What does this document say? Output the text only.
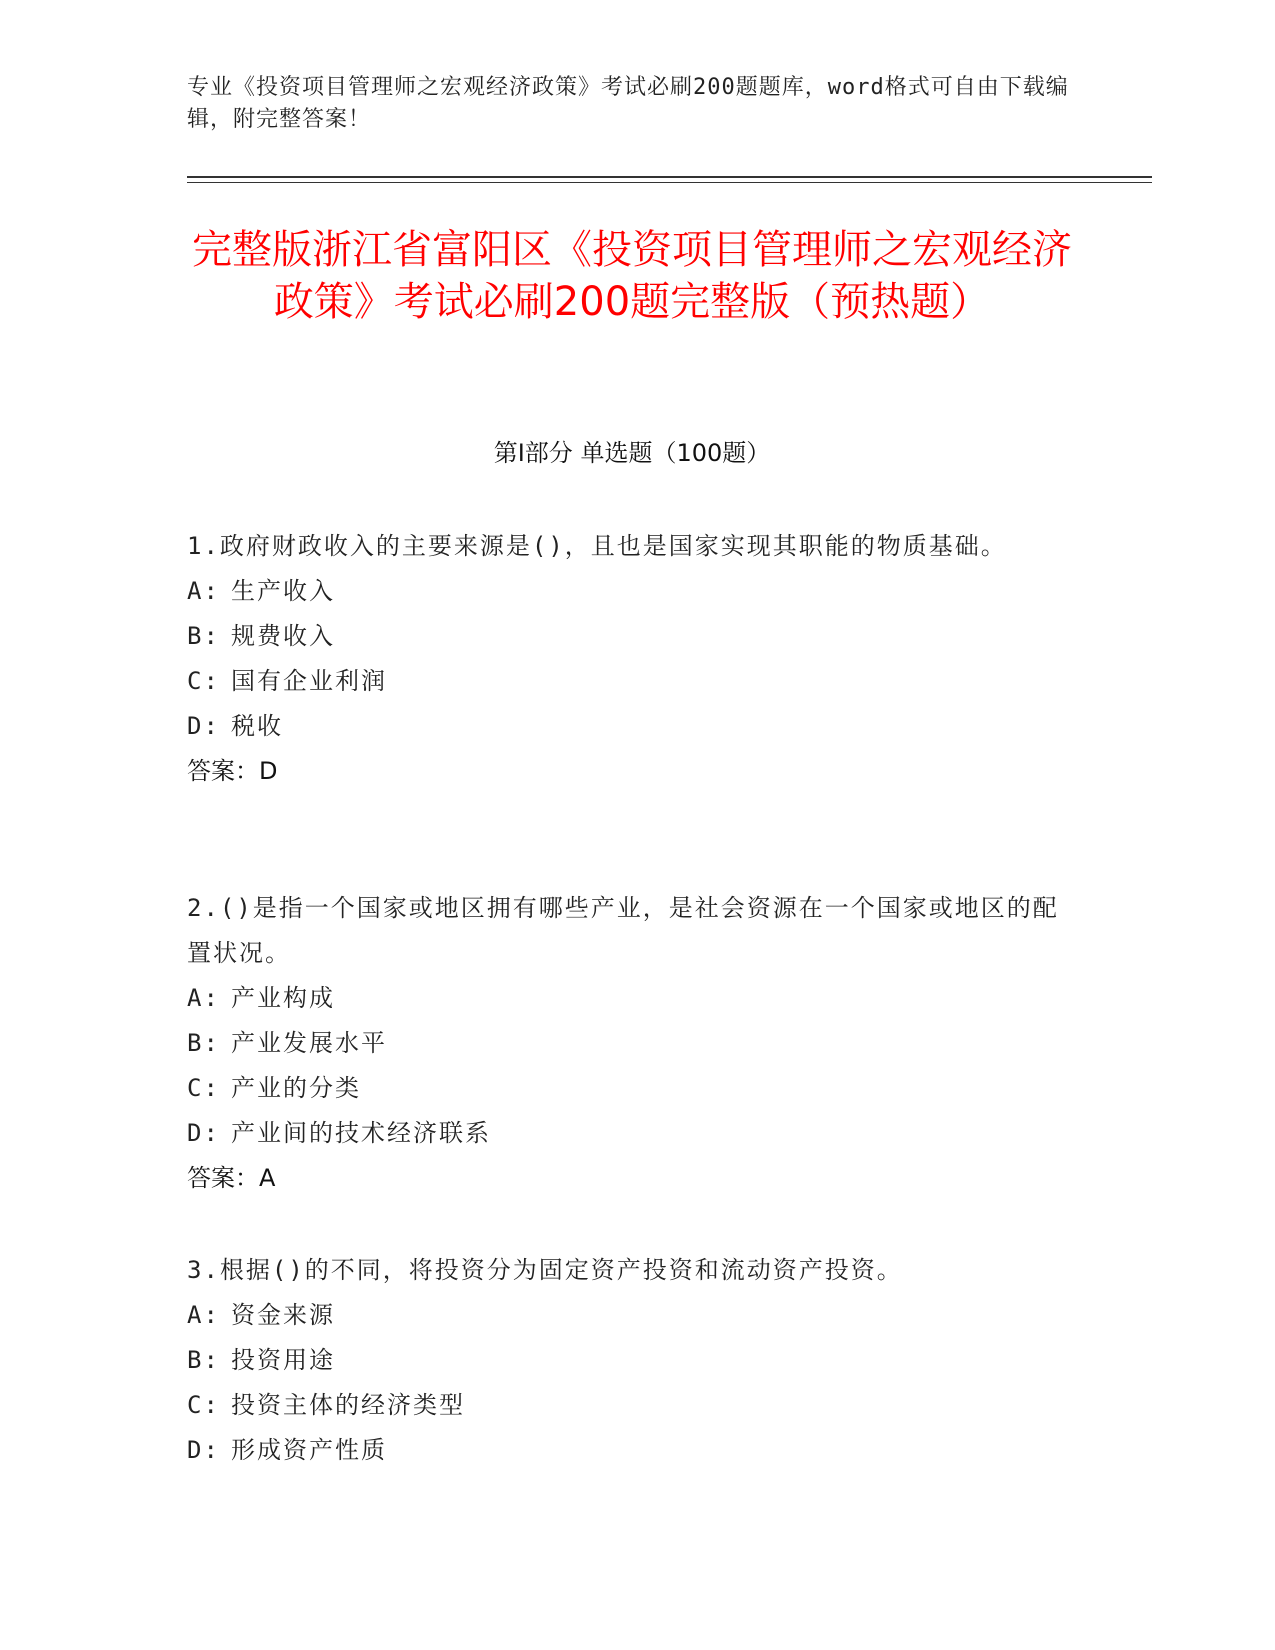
专业《投资项目管理师之宏观经济政策》考试必刷200题题库，word格式可自由下载编辑，附完整答案！
完整版浙江省富阳区《投资项目管理师之宏观经济政策》考试必刷200题完整版（预热题）
第Ⅰ部分 单选题（100题）
1.政府财政收入的主要来源是()，且也是国家实现其职能的物质基础。
A: 生产收入
B: 规费收入
C: 国有企业利润
D: 税收
答案：D
2.()是指一个国家或地区拥有哪些产业，是社会资源在一个国家或地区的配置状况。
A: 产业构成
B: 产业发展水平
C: 产业的分类
D: 产业间的技术经济联系
答案：A
3.根据()的不同，将投资分为固定资产投资和流动资产投资。
A: 资金来源
B: 投资用途
C: 投资主体的经济类型
D: 形成资产性质
